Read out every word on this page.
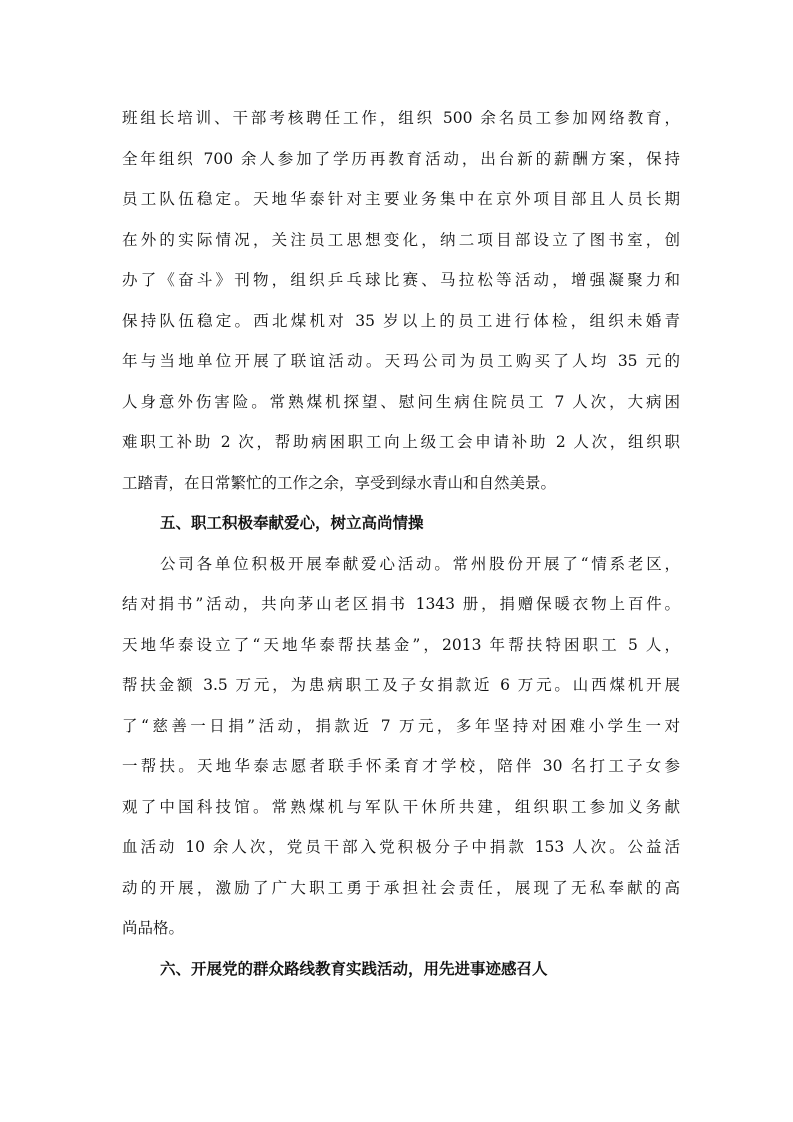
班组长培训、干部考核聘任工作，组织 500 余名员工参加网络教育，
全年组织 700 余人参加了学历再教育活动，出台新的薪酬方案，保持
员工队伍稳定。天地华泰针对主要业务集中在京外项目部且人员长期
在外的实际情况，关注员工思想变化，纳二项目部设立了图书室，创
办了《奋斗》刊物，组织乒乓球比赛、马拉松等活动，增强凝聚力和
保持队伍稳定。西北煤机对 35 岁以上的员工进行体检，组织未婚青
年与当地单位开展了联谊活动。天玛公司为员工购买了人均 35 元的
人身意外伤害险。常熟煤机探望、慰问生病住院员工 7 人次，大病困
难职工补助 2 次，帮助病困职工向上级工会申请补助 2 人次，组织职
工踏青，在日常繁忙的工作之余，享受到绿水青山和自然美景。
五、职工积极奉献爱心，树立高尚情操
公司各单位积极开展奉献爱心活动。常州股份开展了“情系老区，
结对捐书”活动，共向茅山老区捐书 1343 册，捐赠保暖衣物上百件。
天地华泰设立了“天地华泰帮扶基金”，2013 年帮扶特困职工 5 人，
帮扶金额 3.5 万元，为患病职工及子女捐款近 6 万元。山西煤机开展
了“慈善一日捐”活动，捐款近 7 万元，多年坚持对困难小学生一对
一帮扶。天地华泰志愿者联手怀柔育才学校，陪伴 30 名打工子女参
观了中国科技馆。常熟煤机与军队干休所共建，组织职工参加义务献
血活动 10 余人次，党员干部入党积极分子中捐款 153 人次。公益活
动的开展，激励了广大职工勇于承担社会责任，展现了无私奉献的高
尚品格。
六、开展党的群众路线教育实践活动，用先进事迹感召人
